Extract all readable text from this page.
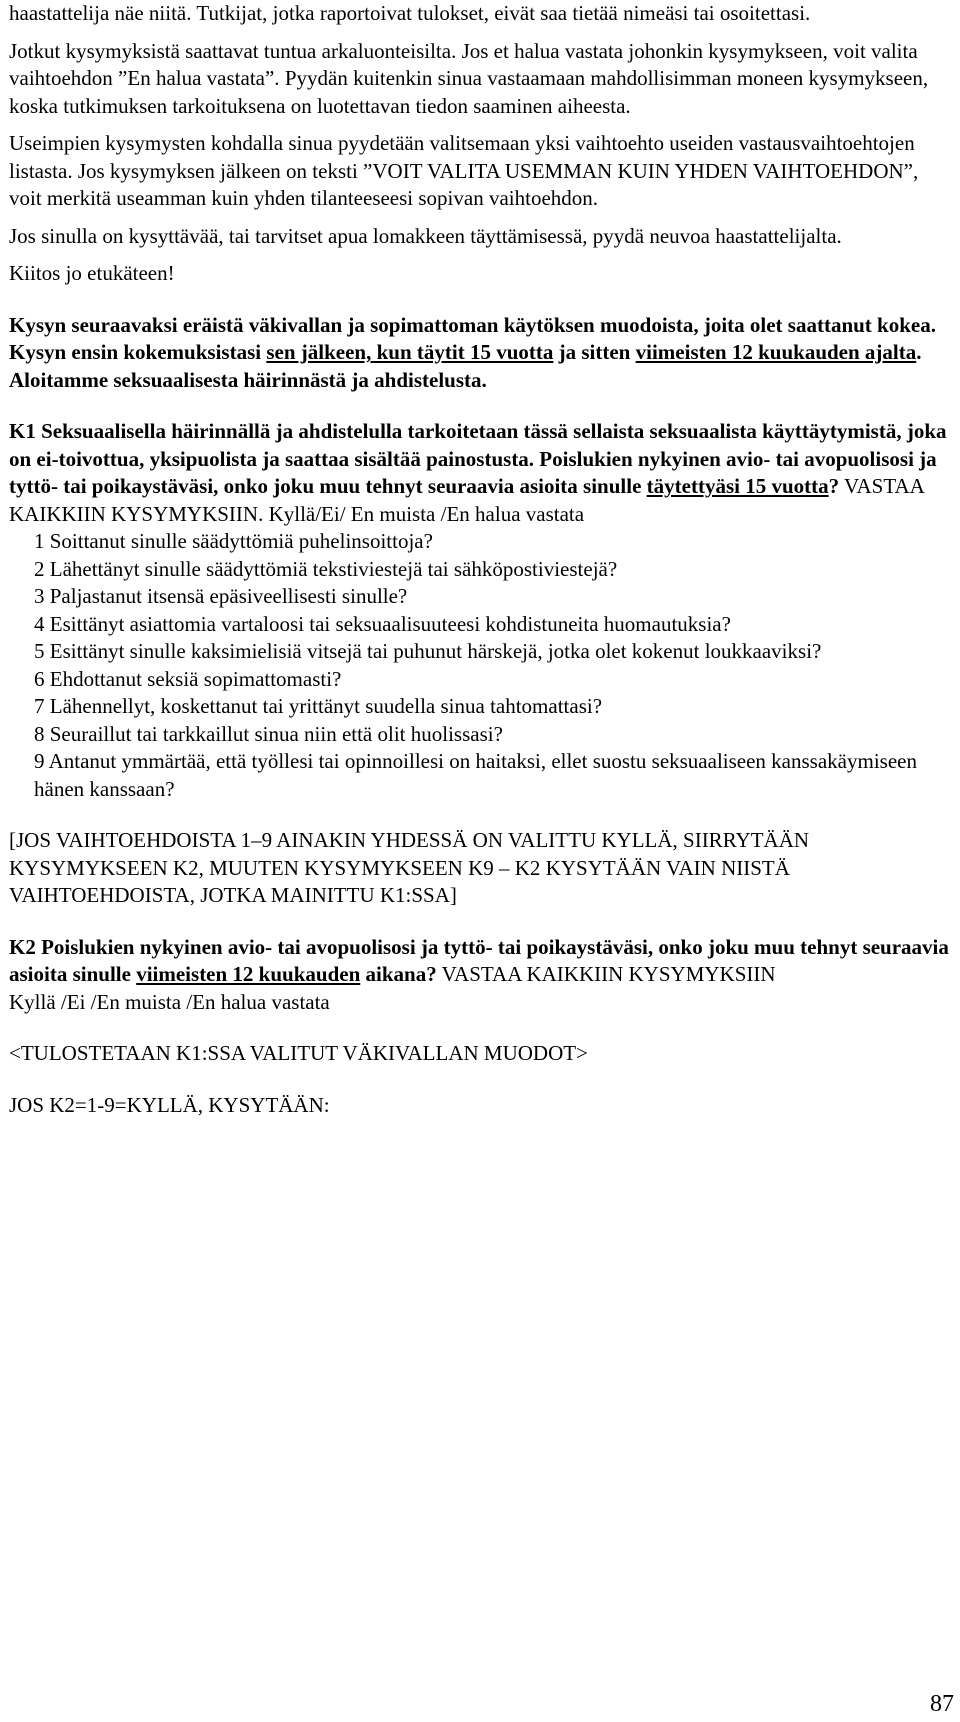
haastattelija näe niitä. Tutkijat, jotka raportoivat tulokset, eivät saa tietää nimeäsi tai osoitettasi.

Jotkut kysymyksistä saattavat tuntua arkaluonteisilta. Jos et halua vastata johonkin kysymykseen, voit valita vaihtoehdon ”En halua vastata”. Pyydän kuitenkin sinua vastaamaan mahdollisimman moneen kysymykseen, koska tutkimuksen tarkoituksena on luotettavan tiedon saaminen aiheesta.

Useimpien kysymysten kohdalla sinua pyydetään valitsemaan yksi vaihtoehto useiden vastausvaihtoehtojen listasta. Jos kysymyksen jälkeen on teksti ”VOIT VALITA USEMMAN KUIN YHDEN VAIHTOEHDON”, voit merkitä useamman kuin yhden tilanteeseesi sopivan vaihtoehdon.

Jos sinulla on kysyttävää, tai tarvitset apua lomakkeen täyttämisessä, pyydä neuvoa haastattelijalta.

Kiitos jo etukäteen!

Kysyn seuraavaksi eräistä väkivallan ja sopimattoman käytöksen muodoista, joita olet saattanut kokea. Kysyn ensin kokemuksistasi sen jälkeen, kun täytit 15 vuotta ja sitten viimeisten 12 kuukauden ajalta. Aloitamme seksuaalisesta häirinnästä ja ahdistelusta.

K1 Seksuaalisella häirinnällä ja ahdistelulla tarkoitetaan tässä sellaista seksuaalista käyttäytymistä, joka on ei-toivottua, yksipuolista ja saattaa sisältää painostusta. Poislukien nykyinen avio- tai avopuolisosi ja tyttö- tai poikaystäväsi, onko joku muu tehnyt seuraavia asioita sinulle täytettyäsi 15 vuotta? VASTAA KAIKKIIN KYSYMYKSIIN. Kyllä/Ei/ En muista /En halua vastata

1 Soittanut sinulle säädyttömiä puhelinsoittoja?

2 Lähettänyt sinulle säädyttömiä tekstiviestejä tai sähköpostiviestejä?

3 Paljastanut itsensä epäsiveellisesti sinulle?

4 Esittänyt asiattomia vartaloosi tai seksuaalisuuteesi kohdistuneita huomautuksia?

5 Esittänyt sinulle kaksimielisiä vitsejä tai puhunut härskejä, jotka olet kokenut loukkaaviksi?

6 Ehdottanut seksiä sopimattomasti?

7 Lähennellyt, koskettanut tai yrittänyt suudella sinua tahtomattasi?

8 Seuraillut tai tarkkaillut sinua niin että olit huolissasi?

9 Antanut ymmärtää, että työllesi tai opinnoillesi on haitaksi, ellet suostu seksuaaliseen kanssakäymiseen hänen kanssaan?

[JOS VAIHTOEHDOISTA 1–9 AINAKIN YHDESSÄ ON VALITTU KYLLÄ, SIIRRYTÄÄN KYSYMYKSEEN K2, MUUTEN KYSYMYKSEEN K9 – K2 KYSYTÄÄN VAIN NIISTÄ VAIHTOEHDOISTA, JOTKA MAINITTU K1:SSA]

K2 Poislukien nykyinen avio- tai avopuolisosi ja tyttö- tai poikaystäväsi, onko joku muu tehnyt seuraavia asioita sinulle viimeisten 12 kuukauden aikana? VASTAA KAIKKIIN KYSYMYKSIIN

Kyllä /Ei /En muista /En halua vastata

<TULOSTETAAN K1:SSA VALITUT VÄKIVALLAN MUODOT>

JOS K2=1-9=KYLLÄ, KYSYTÄÄN:

87
